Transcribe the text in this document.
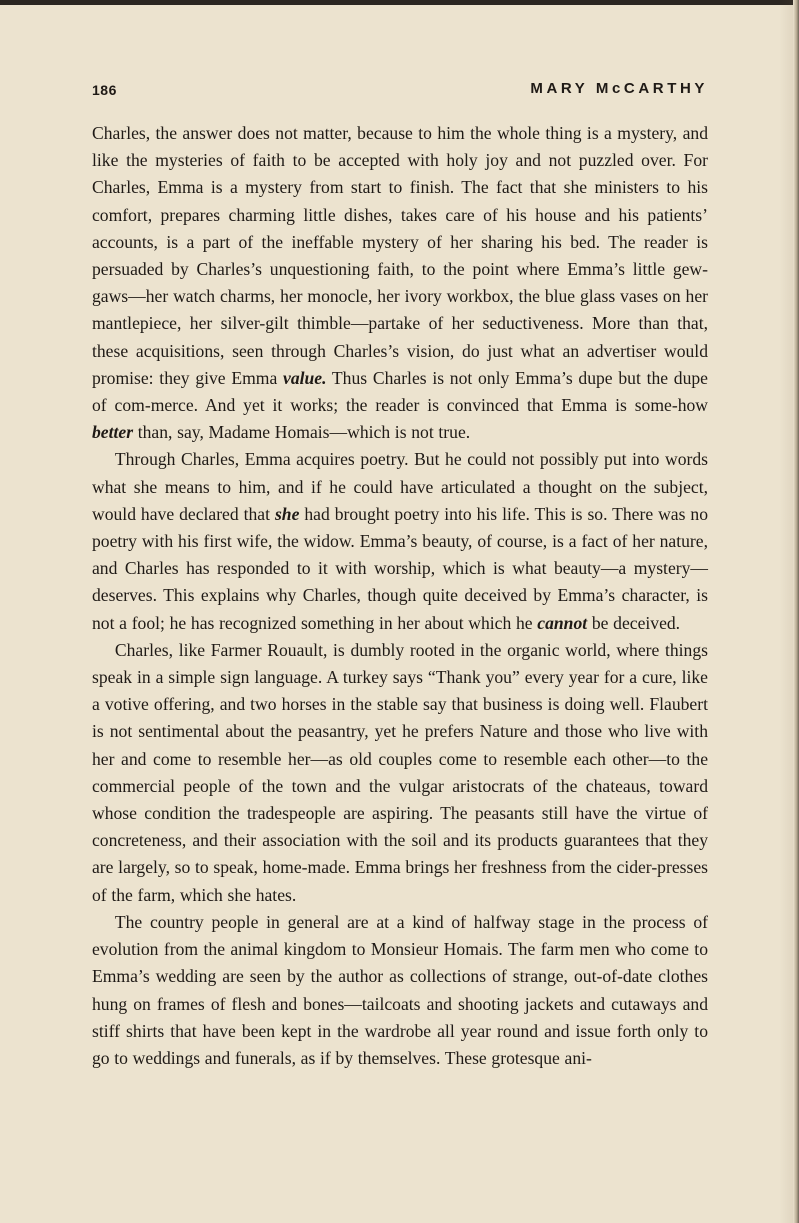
186	MARY McCARTHY

Charles, the answer does not matter, because to him the whole thing is a mystery, and like the mysteries of faith to be accepted with holy joy and not puzzled over. For Charles, Emma is a mystery from start to finish. The fact that she ministers to his comfort, prepares charming little dishes, takes care of his house and his patients’ accounts, is a part of the ineffable mystery of her sharing his bed. The reader is persuaded by Charles’s unquestioning faith, to the point where Emma’s little gew-gaws—her watch charms, her monocle, her ivory workbox, the blue glass vases on her mantlepiece, her silver-gilt thimble—partake of her seductiveness. More than that, these acquisitions, seen through Charles’s vision, do just what an advertiser would promise: they give Emma value. Thus Charles is not only Emma’s dupe but the dupe of com-merce. And yet it works; the reader is convinced that Emma is some-how better than, say, Madame Homais—which is not true.

Through Charles, Emma acquires poetry. But he could not possibly put into words what she means to him, and if he could have articulated a thought on the subject, would have declared that she had brought poetry into his life. This is so. There was no poetry with his first wife, the widow. Emma’s beauty, of course, is a fact of her nature, and Charles has responded to it with worship, which is what beauty—a mystery—deserves. This explains why Charles, though quite deceived by Emma’s character, is not a fool; he has recognized something in her about which he cannot be deceived.

Charles, like Farmer Rouault, is dumbly rooted in the organic world, where things speak in a simple sign language. A turkey says “Thank you” every year for a cure, like a votive offering, and two horses in the stable say that business is doing well. Flaubert is not sentimental about the peasantry, yet he prefers Nature and those who live with her and come to resemble her—as old couples come to resemble each other—to the commercial people of the town and the vulgar aristocrats of the chateaus, toward whose condition the tradespeople are aspiring. The peasants still have the virtue of concreteness, and their association with the soil and its products guarantees that they are largely, so to speak, home-made. Emma brings her freshness from the cider-presses of the farm, which she hates.

The country people in general are at a kind of halfway stage in the process of evolution from the animal kingdom to Monsieur Homais. The farm men who come to Emma’s wedding are seen by the author as collections of strange, out-of-date clothes hung on frames of flesh and bones—tailcoats and shooting jackets and cutaways and stiff shirts that have been kept in the wardrobe all year round and issue forth only to go to weddings and funerals, as if by themselves. These grotesque ani-
